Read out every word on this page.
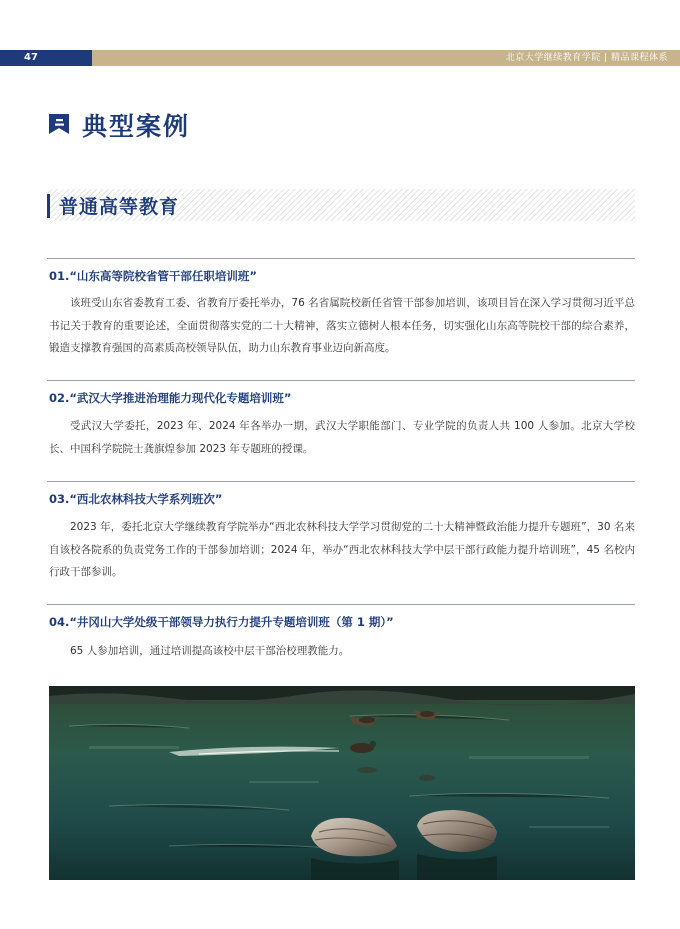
47	北京大学继续教育学院 | 精品课程体系
典型案例
普通高等教育
01.“山东高等院校省管干部任职培训班”
该班受山东省委教育工委、省教育厅委托举办，76 名省属院校新任省管干部参加培训，该项目旨在深入学习贯彻习近平总书记关于教育的重要论述，全面贯彻落实党的二十大精神，落实立德树人根本任务，切实强化山东高等院校干部的综合素养，锻造支撑教育强国的高素质高校领导队伍，助力山东教育事业迈向新高度。
02.“武汉大学推进治理能力现代化专题培训班”
受武汉大学委托，2023 年、2024 年各举办一期，武汉大学职能部门、专业学院的负责人共 100 人参加。北京大学校长、中国科学院院士龚旗煌参加 2023 年专题班的授课。
03.“西北农林科技大学系列班次”
2023 年，委托北京大学继续教育学院举办“西北农林科技大学学习贯彻党的二十大精神暨政治能力提升专题班”，30 名来自该校各院系的负责党务工作的干部参加培训；2024 年，举办“西北农林科技大学中层干部行政能力提升培训班”，45 名校内行政干部参训。
04.“井冈山大学处级干部领导力执行力提升专题培训班（第 1 期）”
65 人参加培训，通过培训提高该校中层干部治校理教能力。
